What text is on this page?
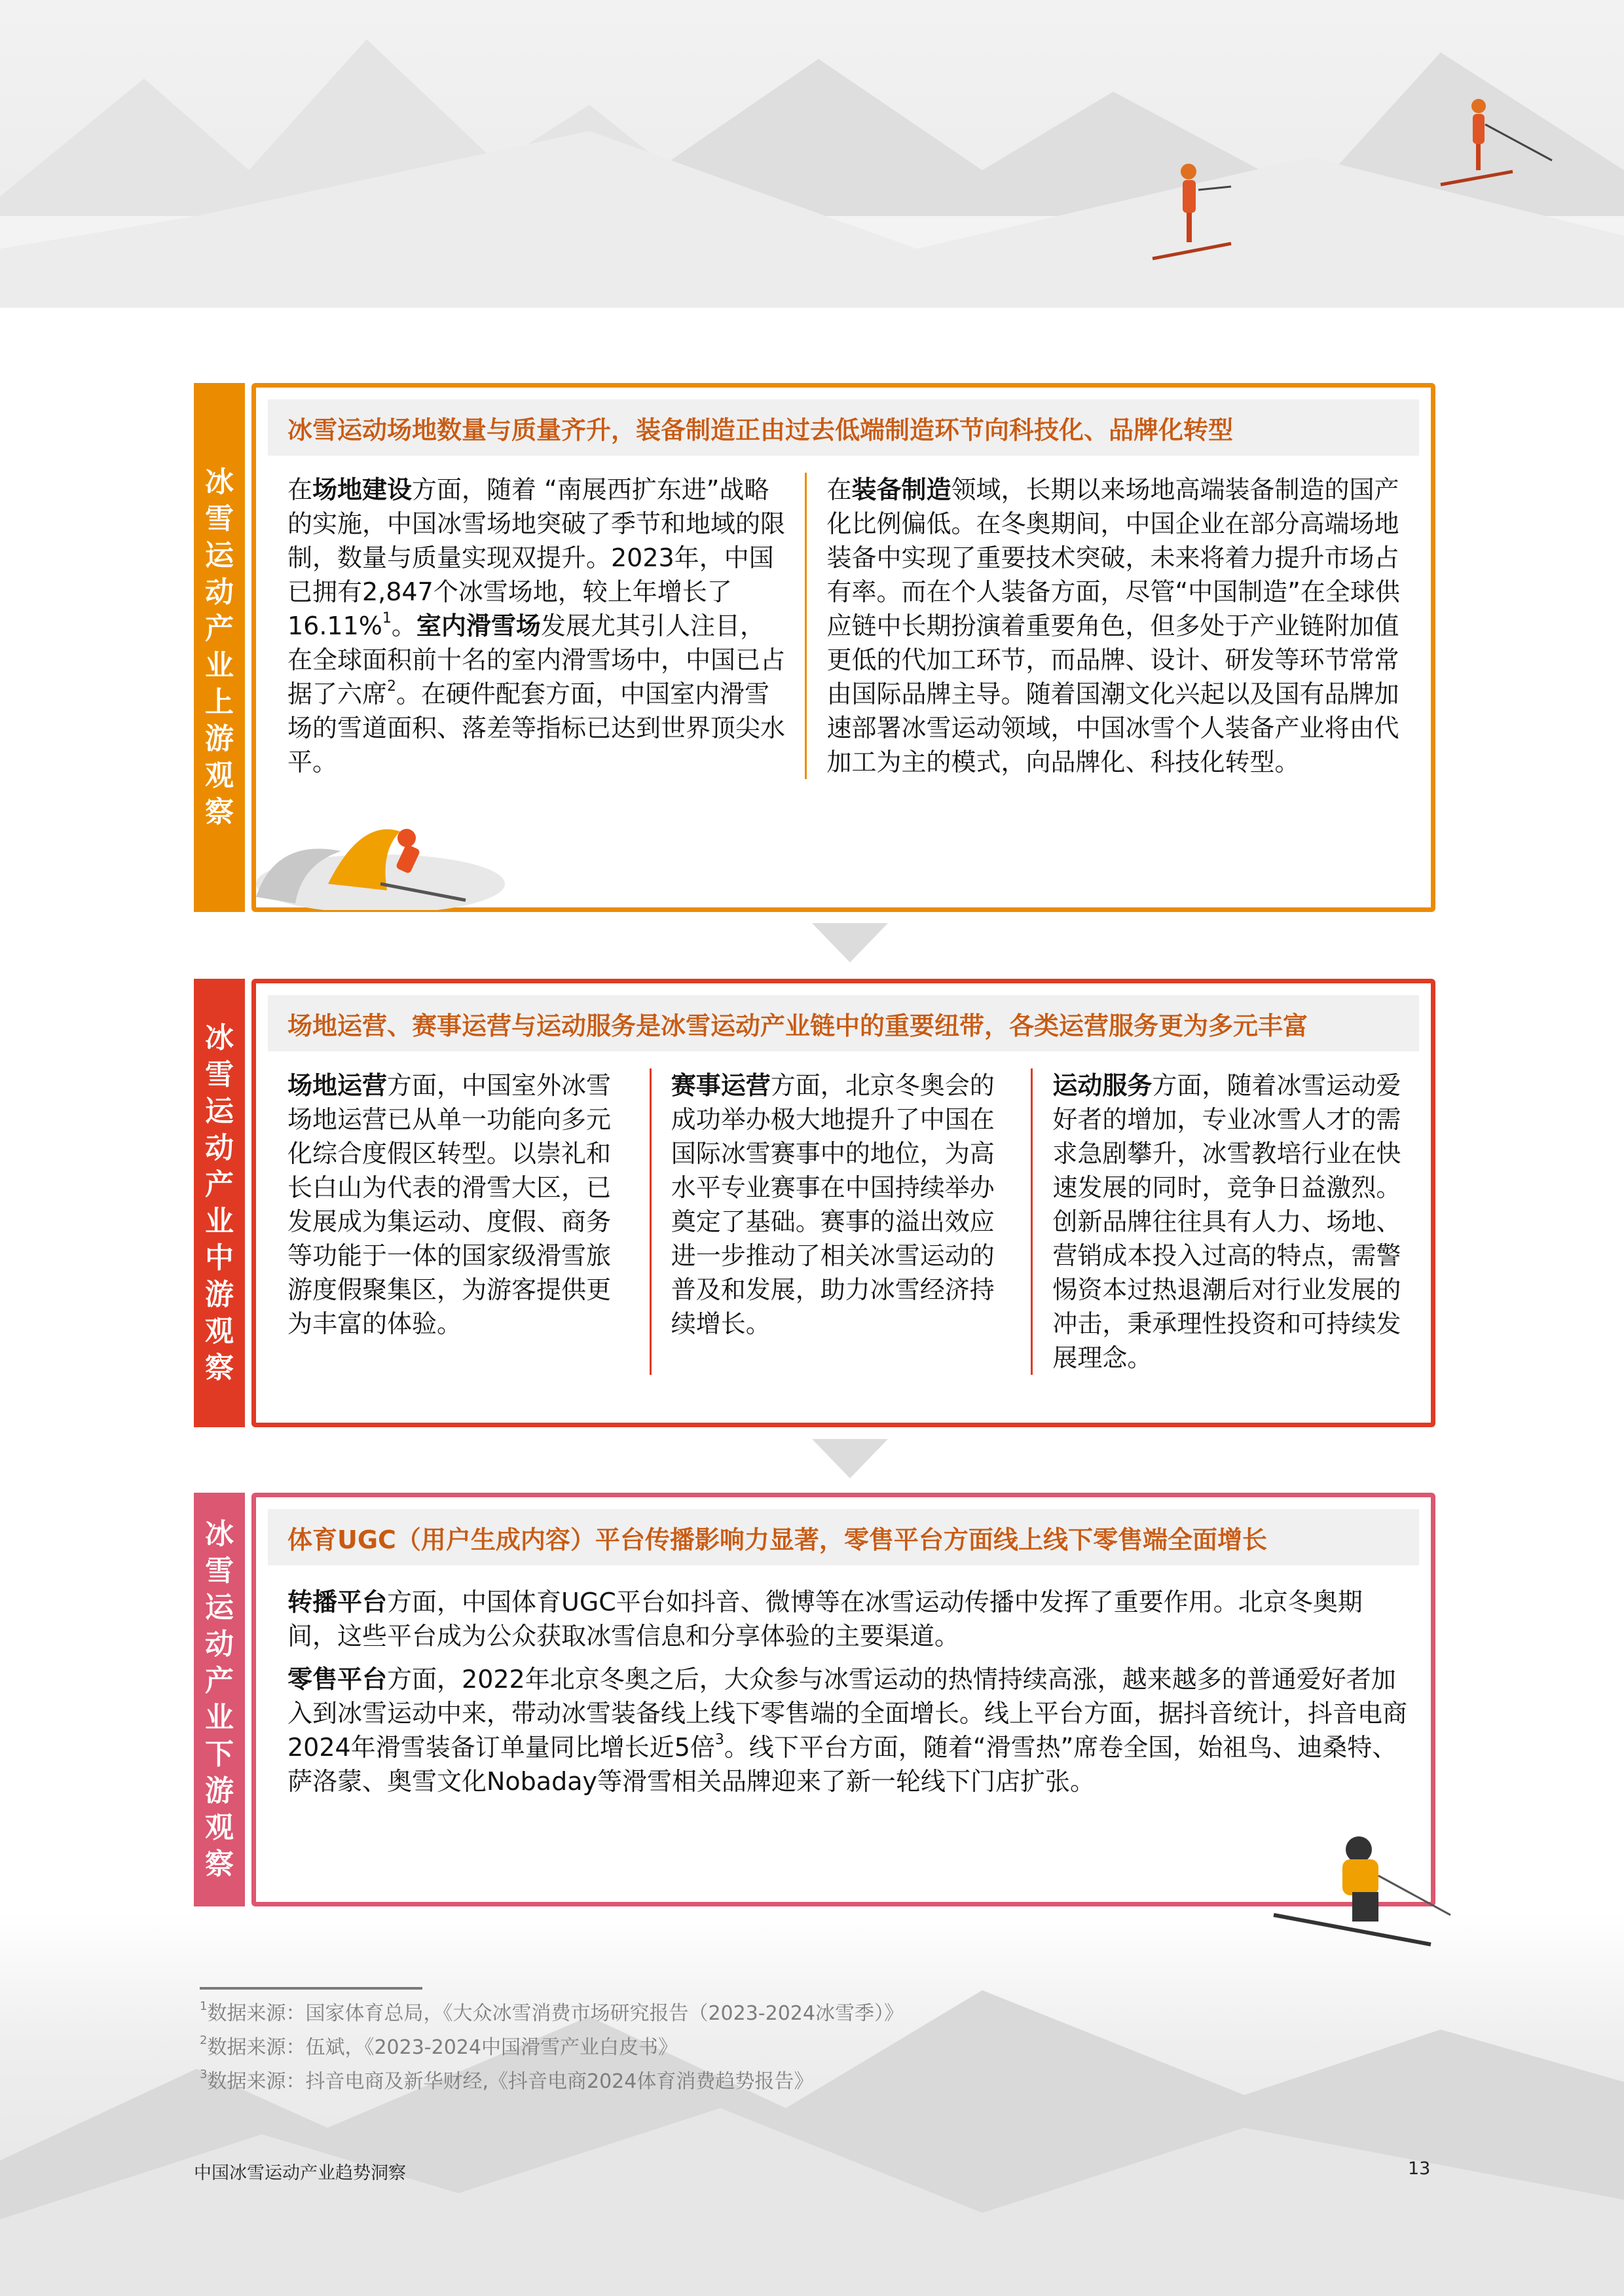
冰
雪
运
动
产
业
上
游
观
察
冰雪运动场地数量与质量齐升，装备制造正由过去低端制造环节向科技化、品牌化转型
在场地建设方面，随着 “南展西扩东进”战略的实施，中国冰雪场地突破了季节和地域的限制，数量与质量实现双提升。2023年，中国已拥有2,847个冰雪场地，较上年增长了16.11%$^1$。室内滑雪场发展尤其引人注目，在全球面积前十名的室内滑雪场中，中国已占据了六席$^2$。在硬件配套方面，中国室内滑雪场的雪道面积、落差等指标已达到世界顶尖水平。
在装备制造领域，长期以来场地高端装备制造的国产化比例偏低。在冬奥期间，中国企业在部分高端场地装备中实现了重要技术突破，未来将着力提升市场占有率。而在个人装备方面，尽管“中国制造”在全球供应链中长期扮演着重要角色，但多处于产业链附加值更低的代加工环节，而品牌、设计、研发等环节常常由国际品牌主导。随着国潮文化兴起以及国有品牌加速部署冰雪运动领域，中国冰雪个人装备产业将由代加工为主的模式，向品牌化、科技化转型。
冰
雪
运
动
产
业
中
游
观
察
场地运营、赛事运营与运动服务是冰雪运动产业链中的重要纽带，各类运营服务更为多元丰富
场地运营方面，中国室外冰雪场地运营已从单一功能向多元化综合度假区转型。以崇礼和长白山为代表的滑雪大区，已发展成为集运动、度假、商务等功能于一体的国家级滑雪旅游度假聚集区，为游客提供更为丰富的体验。
赛事运营方面，北京冬奥会的成功举办极大地提升了中国在国际冰雪赛事中的地位，为高水平专业赛事在中国持续举办奠定了基础。赛事的溢出效应进一步推动了相关冰雪运动的普及和发展，助力冰雪经济持续增长。
运动服务方面，随着冰雪运动爱好者的增加，专业冰雪人才的需求急剧攀升，冰雪教培行业在快速发展的同时，竞争日益激烈。创新品牌往往具有人力、场地、营销成本投入过高的特点，需警惕资本过热退潮后对行业发展的冲击，秉承理性投资和可持续发展理念。
冰
雪
运
动
产
业
下
游
观
察
体育UGC（用户生成内容）平台传播影响力显著，零售平台方面线上线下零售端全面增长
转播平台方面，中国体育UGC平台如抖音、微博等在冰雪运动传播中发挥了重要作用。北京冬奥期间，这些平台成为公众获取冰雪信息和分享体验的主要渠道。
零售平台方面，2022年北京冬奥之后，大众参与冰雪运动的热情持续高涨，越来越多的普通爱好者加入到冰雪运动中来，带动冰雪装备线上线下零售端的全面增长。线上平台方面，据抖音统计，抖音电商2024年滑雪装备订单量同比增长近5倍$^3$。线下平台方面，随着“滑雪热”席卷全国，始祖鸟、迪桑特、萨洛蒙、奥雪文化Nobaday等滑雪相关品牌迎来了新一轮线下门店扩张。
$^1$数据来源：国家体育总局，《大众冰雪消费市场研究报告（2023-2024冰雪季）》
$^2$数据来源：伍斌，《2023-2024中国滑雪产业白皮书》
$^3$数据来源：抖音电商及新华财经,《抖音电商2024体育消费趋势报告》
中国冰雪运动产业趋势洞察	13
